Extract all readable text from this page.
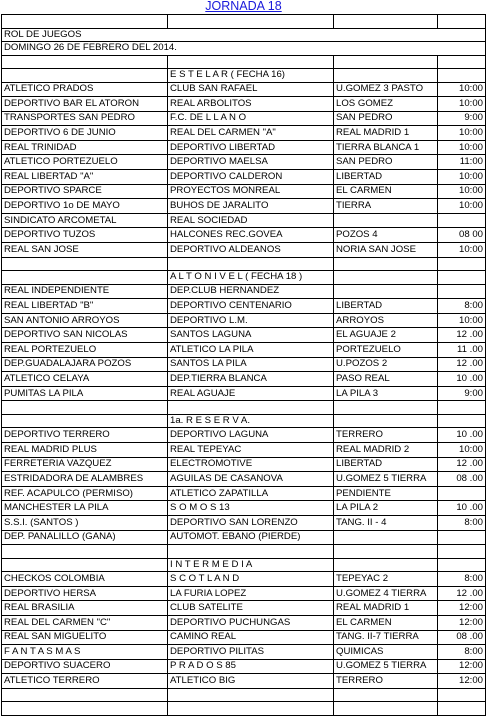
JORNADA 18

ROL DE JUEGOS			
DOMINGO 26 DE FEBRERO DEL 2014.			

	E S T E L A R ( FECHA 16)		
ATLETICO PRADOS	CLUB SAN RAFAEL	U.GOMEZ 3 PASTO	10:00
DEPORTIVO BAR EL ATORON	REAL ARBOLITOS	LOS GOMEZ	10:00
TRANSPORTES SAN PEDRO	F.C. DE L L A N O	SAN PEDRO	9:00
DEPORTIVO 6 DE JUNIO	REAL DEL CARMEN "A"	REAL MADRID 1	10:00
REAL TRINIDAD	DEPORTIVO LIBERTAD	TIERRA BLANCA 1	10:00
ATLETICO PORTEZUELO	DEPORTIVO MAELSA	SAN PEDRO	11:00
REAL LIBERTAD "A"	DEPORTIVO CALDERON	LIBERTAD	10:00
DEPORTIVO SPARCE	PROYECTOS MONREAL	EL CARMEN	10:00
DEPORTIVO 1o DE MAYO	BUHOS DE JARALITO	TIERRA	10:00
SINDICATO ARCOMETAL	REAL SOCIEDAD		
DEPORTIVO TUZOS	HALCONES REC.GOVEA	POZOS 4	08 00
REAL SAN JOSE	DEPORTIVO ALDEANOS	NORIA SAN JOSE	10:00

	A L T O N I V E L ( FECHA 18 )		
REAL INDEPENDIENTE	DEP.CLUB HERNANDEZ		
REAL LIBERTAD "B"	DEPORTIVO CENTENARIO	LIBERTAD	8:00
SAN ANTONIO ARROYOS	DEPORTIVO L.M.	ARROYOS	10:00
DEPORTIVO SAN NICOLAS	SANTOS LAGUNA	EL AGUAJE 2	12 .00
REAL PORTEZUELO	ATLETICO LA PILA	PORTEZUELO	11 .00
DEP.GUADALAJARA POZOS	SANTOS LA PILA	U.POZOS 2	12 .00
ATLETICO CELAYA	DEP.TIERRA BLANCA	PASO REAL	10 .00
PUMITAS LA PILA	REAL AGUAJE	LA PILA 3	9:00

	1a. R E S E R V A.		
DEPORTIVO TERRERO	DEPORTIVO LAGUNA	TERRERO	10 .00
REAL MADRID PLUS	REAL TEPEYAC	REAL MADRID 2	10:00
FERRETERIA VAZQUEZ	ELECTROMOTIVE	LIBERTAD	12 .00
ESTRIDADORA DE ALAMBRES	AGUILAS DE CASANOVA	U.GOMEZ 5 TIERRA	08 .00
REF. ACAPULCO (PERMISO)	ATLETICO ZAPATILLA	PENDIENTE	
MANCHESTER LA PILA	S O M O S 13	LA PILA 2	10 .00
S.S.I. (SANTOS )	DEPORTIVO SAN LORENZO	TANG. II - 4	8:00
DEP. PANALILLO (GANA)	AUTOMOT. EBANO (PIERDE)		

	I N T E R M E D I A		
CHECKOS COLOMBIA	S C O T L A N D	TEPEYAC 2	8:00
DEPORTIVO HERSA	LA FURIA LOPEZ	U.GOMEZ 4 TIERRA	12 .00
REAL BRASILIA	CLUB SATELITE	REAL MADRID 1	12:00
REAL DEL CARMEN "C"	DEPORTIVO PUCHUNGAS	EL CARMEN	12:00
REAL SAN MIGUELITO	CAMINO REAL	TANG. II-7 TIERRA	08 .00
F A N T A S M A S	DEPORTIVO PILITAS	QUIMICAS	8:00
DEPORTIVO SUACERO	P R A D O S 85	U.GOMEZ 5 TIERRA	12:00
ATLETICO TERRERO	ATLETICO BIG	TERRERO	12:00
